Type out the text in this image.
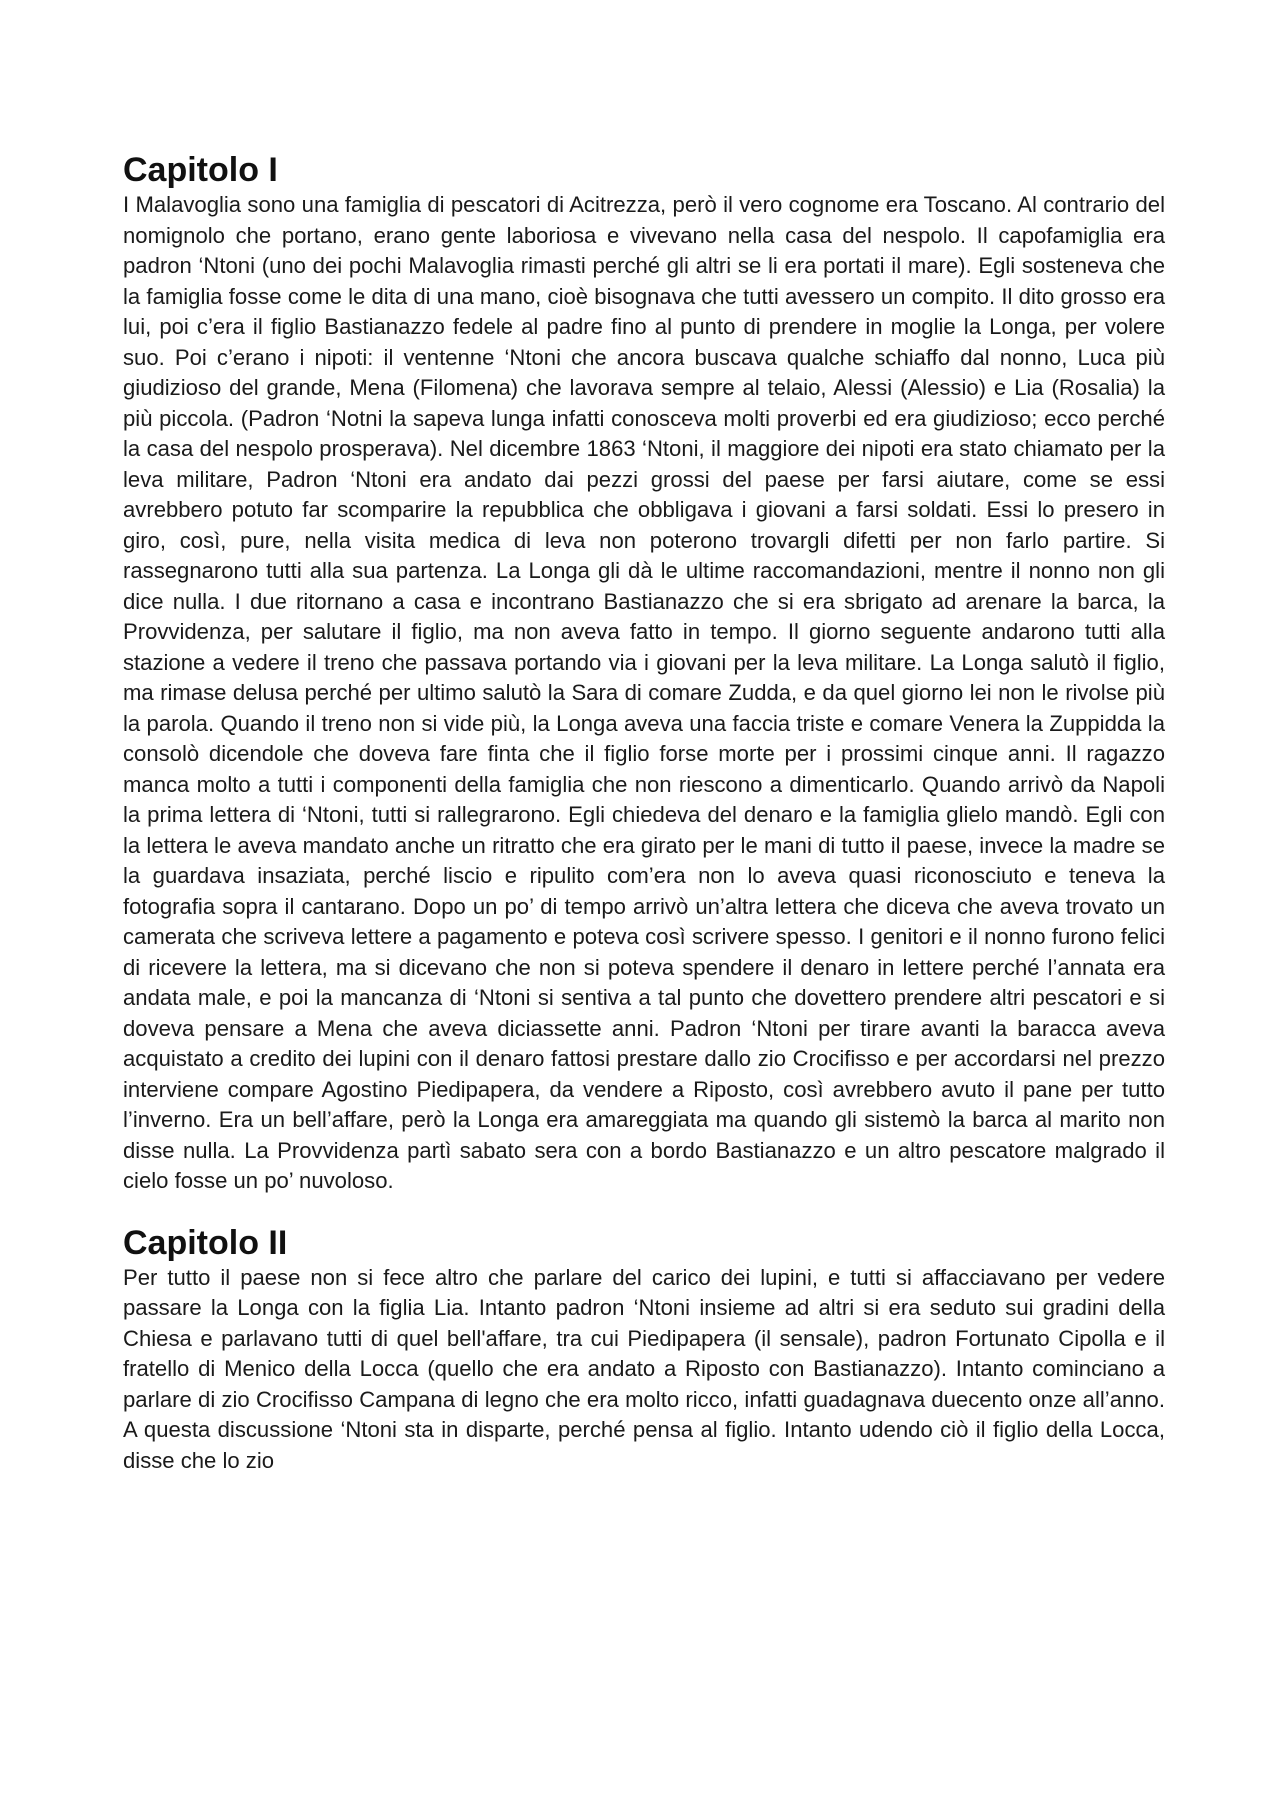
Capitolo I

I Malavoglia sono una famiglia di pescatori di Acitrezza, però il vero cognome era Toscano. Al contrario del nomignolo che portano, erano gente laboriosa e vivevano nella casa del nespolo. Il capofamiglia era padron ‘Ntoni (uno dei pochi Malavoglia rimasti perché gli altri se li era portati il mare). Egli sosteneva che la famiglia fosse come le dita di una mano, cioè bisognava che tutti avessero un compito. Il dito grosso era lui, poi c’era il figlio Bastianazzo fedele al padre fino al punto di prendere in moglie la Longa, per volere suo. Poi c’erano i nipoti: il ventenne ‘Ntoni che ancora buscava qualche schiaffo dal nonno, Luca più giudizioso del grande, Mena (Filomena) che lavorava sempre al telaio, Alessi (Alessio) e Lia (Rosalia) la più piccola. (Padron ‘Notni la sapeva lunga infatti conosceva molti proverbi ed era giudizioso; ecco perché la casa del nespolo prosperava). Nel dicembre 1863 ‘Ntoni, il maggiore dei nipoti era stato chiamato per la leva militare, Padron ‘Ntoni era andato dai pezzi grossi del paese per farsi aiutare, come se essi avrebbero potuto far scomparire la repubblica che obbligava i giovani a farsi soldati. Essi lo presero in giro, così, pure, nella visita medica di leva non poterono trovargli difetti per non farlo partire. Si rassegnarono tutti alla sua partenza. La Longa gli dà le ultime raccomandazioni, mentre il nonno non gli dice nulla. I due ritornano a casa e incontrano Bastianazzo che si era sbrigato ad arenare la barca, la Provvidenza, per salutare il figlio, ma non aveva fatto in tempo. Il giorno seguente andarono tutti alla stazione a vedere il treno che passava portando via i giovani per la leva militare. La Longa salutò il figlio, ma rimase delusa perché per ultimo salutò la Sara di comare Zudda, e da quel giorno lei non le rivolse più la parola. Quando il treno non si vide più, la Longa aveva una faccia triste e comare Venera la Zuppidda la consolò dicendole che doveva fare finta che il figlio forse morte per i prossimi cinque anni. Il ragazzo manca molto a tutti i componenti della famiglia che non riescono a dimenticarlo. Quando arrivò da Napoli la prima lettera di ‘Ntoni, tutti si rallegrarono. Egli chiedeva del denaro e la famiglia glielo mandò. Egli con la lettera le aveva mandato anche un ritratto che era girato per le mani di tutto il paese, invece la madre se la guardava insaziata, perché liscio e ripulito com’era non lo aveva quasi riconosciuto e teneva la fotografia sopra il cantarano. Dopo un po’ di tempo arrivò un’altra lettera che diceva che aveva trovato un camerata che scriveva lettere a pagamento e poteva così scrivere spesso. I genitori e il nonno furono felici di ricevere la lettera, ma si dicevano che non si poteva spendere il denaro in lettere perché l’annata era andata male, e poi la mancanza di ‘Ntoni si sentiva a tal punto che dovettero prendere altri pescatori e si doveva pensare a Mena che aveva diciassette anni. Padron ‘Ntoni per tirare avanti la baracca aveva acquistato a credito dei lupini con il denaro fattosi prestare dallo zio Crocifisso e per accordarsi nel prezzo interviene compare Agostino Piedipapera, da vendere a Riposto, così avrebbero avuto il pane per tutto l’inverno. Era un bell’affare, però la Longa era amareggiata ma quando gli sistemò la barca al marito non disse nulla. La Provvidenza partì sabato sera con a bordo Bastianazzo e un altro pescatore malgrado il cielo fosse un po’ nuvoloso.

Capitolo II

Per tutto il paese non si fece altro che parlare del carico dei lupini, e tutti si affacciavano per vedere passare la Longa con la figlia Lia. Intanto padron ‘Ntoni insieme ad altri si era seduto sui gradini della Chiesa e parlavano tutti di quel bell'affare, tra cui Piedipapera (il sensale), padron Fortunato Cipolla e il fratello di Menico della Locca (quello che era andato a Riposto con Bastianazzo). Intanto cominciano a parlare di zio Crocifisso Campana di legno che era molto ricco, infatti guadagnava duecento onze all’anno. A questa discussione ‘Ntoni sta in disparte, perché pensa al figlio. Intanto udendo ciò il figlio della Locca, disse che lo zio
